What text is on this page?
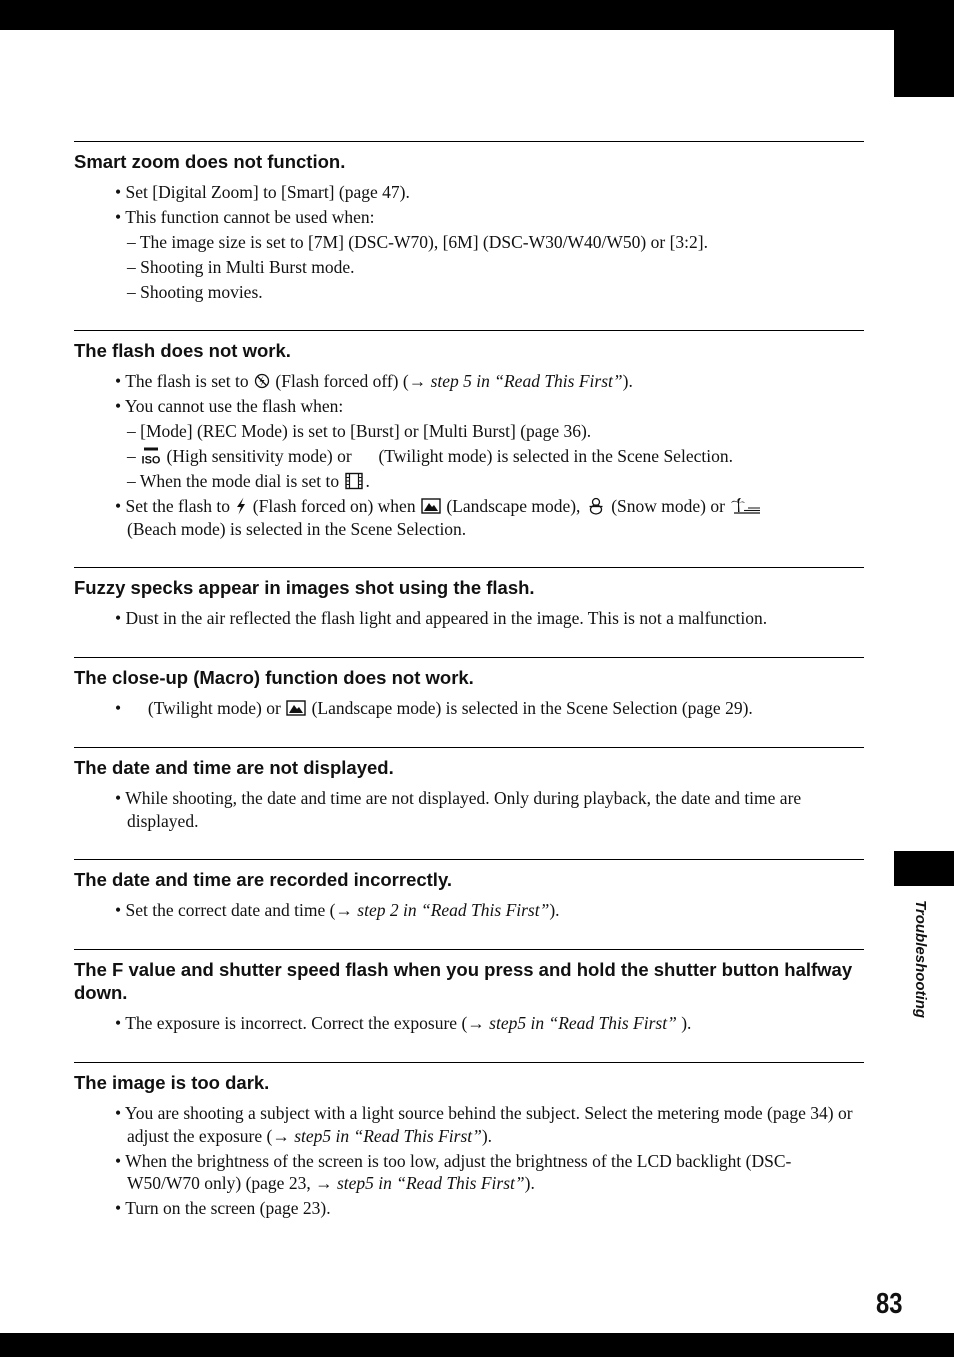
Troubleshooting
Smart zoom does not function.
• Set [Digital Zoom] to [Smart] (page 47).
• This function cannot be used when:
– The image size is set to [7M] (DSC-W70), [6M] (DSC-W30/W40/W50) or [3:2].
– Shooting in Multi Burst mode.
– Shooting movies.
The flash does not work.
• The flash is set to (Flash forced off) (→ step 5 in “Read This First”).
• You cannot use the flash when:
– [Mode] (REC Mode) is set to [Burst] or [Multi Burst] (page 36).
– ISO (High sensitivity mode) or (Twilight mode) is selected in the Scene Selection.
– When the mode dial is set to .
• Set the flash to (Flash forced on) when (Landscape mode), (Snow mode) or
(Beach mode) is selected in the Scene Selection.
Fuzzy specks appear in images shot using the flash.
• Dust in the air reflected the flash light and appeared in the image. This is not a malfunction.
The close-up (Macro) function does not work.
•  (Twilight mode) or (Landscape mode) is selected in the Scene Selection (page 29).
The date and time are not displayed.
• While shooting, the date and time are not displayed. Only during playback, the date and time are displayed.
The date and time are recorded incorrectly.
• Set the correct date and time (→ step 2 in “Read This First”).
The F value and shutter speed flash when you press and hold the shutter button halfway down.
• The exposure is incorrect. Correct the exposure (→ step5 in “Read This First” ).
The image is too dark.
• You are shooting a subject with a light source behind the subject. Select the metering mode (page 34) or adjust the exposure (→ step5 in “Read This First”).
• When the brightness of the screen is too low, adjust the brightness of the LCD backlight (DSC-W50/W70 only) (page 23, → step5 in “Read This First”).
• Turn on the screen (page 23).
83
